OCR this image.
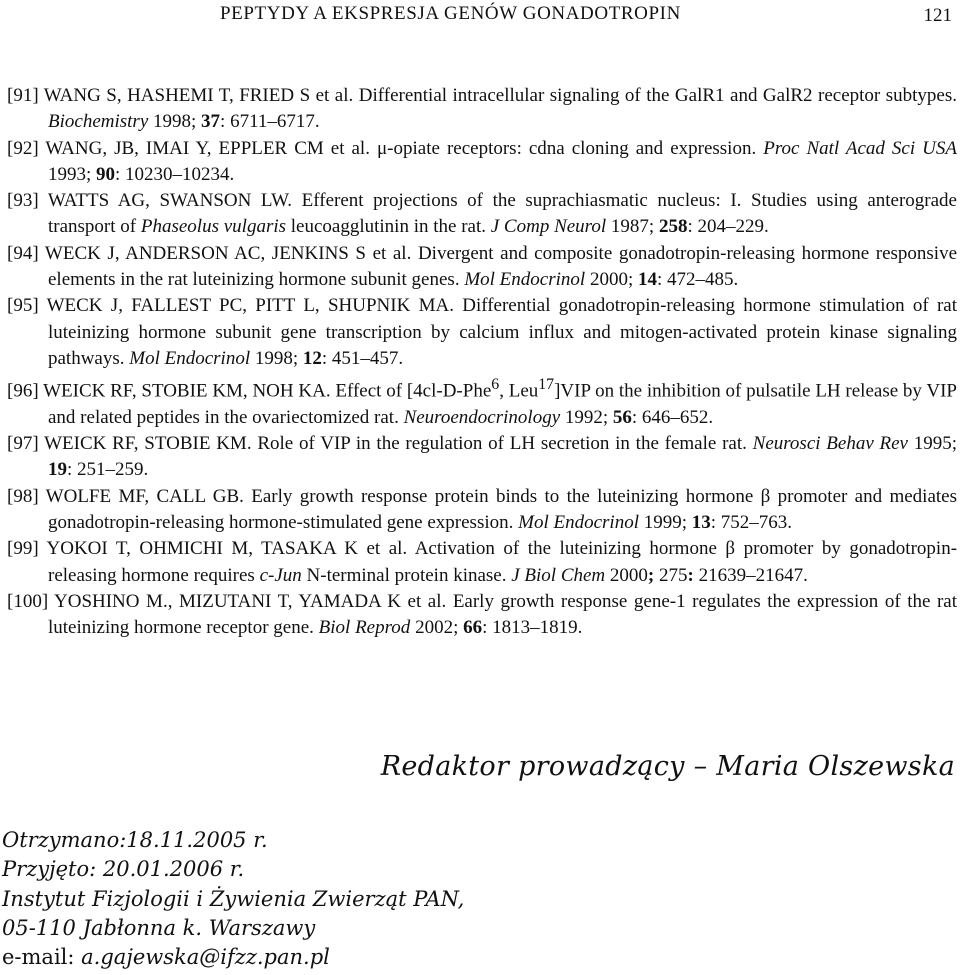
PEPTYDY A EKSPRESJA GENÓW GONADOTROPIN	121
[91] WANG S, HASHEMI T, FRIED S et al. Differential intracellular signaling of the GalR1 and GalR2 receptor subtypes. Biochemistry 1998; 37: 6711–6717.
[92] WANG, JB, IMAI Y, EPPLER CM et al. μ-opiate receptors: cdna cloning and expression. Proc Natl Acad Sci USA 1993; 90: 10230–10234.
[93] WATTS AG, SWANSON LW. Efferent projections of the suprachiasmatic nucleus: I. Studies using anterograde transport of Phaseolus vulgaris leucoagglutinin in the rat. J Comp Neurol 1987; 258: 204–229.
[94] WECK J, ANDERSON AC, JENKINS S et al. Divergent and composite gonadotropin-releasing hormone responsive elements in the rat luteinizing hormone subunit genes. Mol Endocrinol 2000; 14: 472–485.
[95] WECK J, FALLEST PC, PITT L, SHUPNIK MA. Differential gonadotropin-releasing hormone stimulation of rat luteinizing hormone subunit gene transcription by calcium influx and mitogen-activated protein kinase signaling pathways. Mol Endocrinol 1998; 12: 451–457.
[96] WEICK RF, STOBIE KM, NOH KA. Effect of [4cl-D-Phe$^6$, Leu$^{17}$]VIP on the inhibition of pulsatile LH release by VIP and related peptides in the ovariectomized rat. Neuroendocrinology 1992; 56: 646–652.
[97] WEICK RF, STOBIE KM. Role of VIP in the regulation of LH secretion in the female rat. Neurosci Behav Rev 1995; 19: 251–259.
[98] WOLFE MF, CALL GB. Early growth response protein binds to the luteinizing hormone β promoter and mediates gonadotropin-releasing hormone-stimulated gene expression. Mol Endocrinol 1999; 13: 752–763.
[99] YOKOI T, OHMICHI M, TASAKA K et al. Activation of the luteinizing hormone β promoter by gonadotropin-releasing hormone requires c-Jun N-terminal protein kinase. J Biol Chem 2000; 275: 21639–21647.
[100] YOSHINO M., MIZUTANI T, YAMADA K et al. Early growth response gene-1 regulates the expression of the rat luteinizing hormone receptor gene. Biol Reprod 2002; 66: 1813–1819.
Redaktor prowadzący – Maria Olszewska
Otrzymano:18.11.2005 r.
Przyjęto: 20.01.2006 r.
Instytut Fizjologii i Żywienia Zwierząt PAN,
05-110 Jabłonna k. Warszawy
e-mail: a.gajewska@ifzz.pan.pl
